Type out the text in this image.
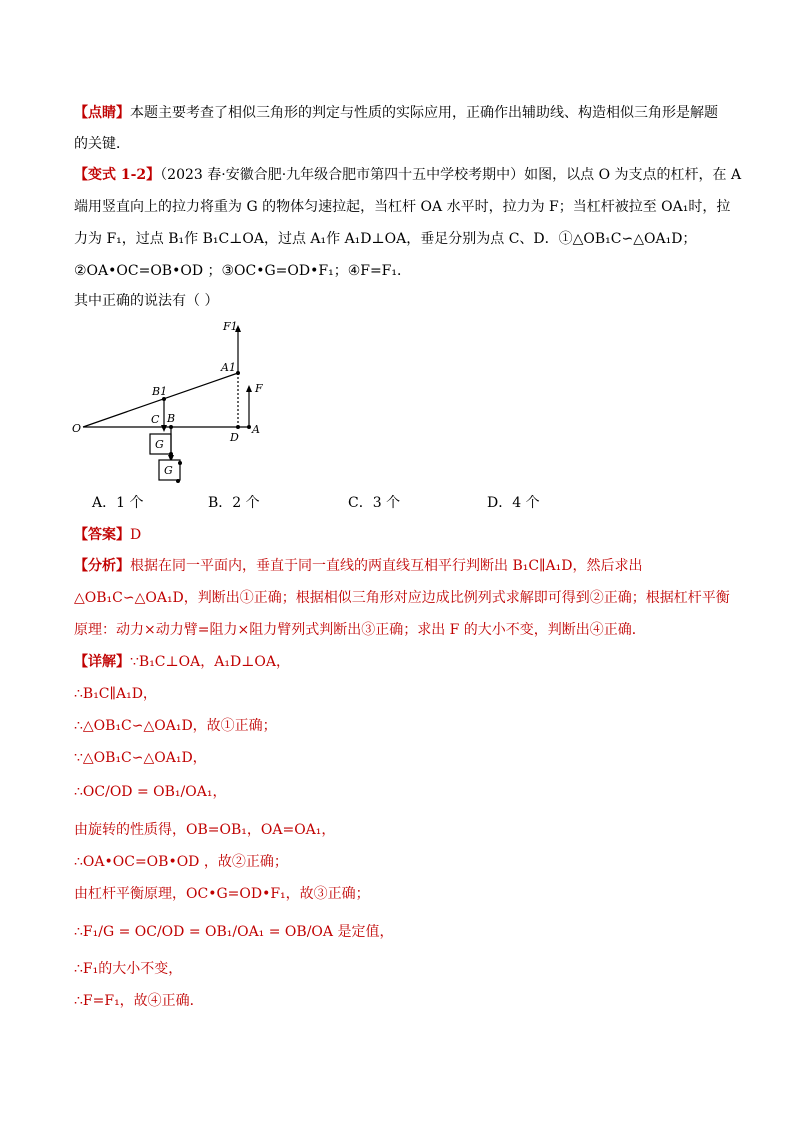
【点睛】本题主要考查了相似三角形的判定与性质的实际应用，正确作出辅助线、构造相似三角形是解题
的关键．
【变式 1-2】（2023 春·安徽合肥·九年级合肥市第四十五中学校考期中）如图，以点 O 为支点的杠杆，在 A
端用竖直向上的拉力将重为 G 的物体匀速拉起，当杠杆 OA 水平时，拉力为 F；当杠杆被拉至 OA₁时，拉
力为 F₁，过点 B₁作 B₁C⊥OA，过点 A₁作 A₁D⊥OA，垂足分别为点 C、D．①△OB₁C∽△OA₁D；
②OA•OC=OB•OD ；③OC•G=OD•F₁；④F=F₁．
其中正确的说法有（ ）
F1
A1
F
B1
C B
O
D
A
G
G
A．1 个	B．2 个	C．3 个	D．4 个
【答案】D
【分析】根据在同一平面内，垂直于同一直线的两直线互相平行判断出 B₁C∥A₁D，然后求出
△OB₁C∽△OA₁D，判断出①正确；根据相似三角形对应边成比例列式求解即可得到②正确；根据杠杆平衡
原理：动力×动力臂=阻力×阻力臂列式判断出③正确；求出 F 的大小不变，判断出④正确．
【详解】∵B₁C⊥OA，A₁D⊥OA，
∴B₁C∥A₁D，
∴△OB₁C∽△OA₁D，故①正确；
∵△OB₁C∽△OA₁D，
∴OC/OD = OB₁/OA₁，
由旋转的性质得，OB=OB₁，OA=OA₁，
∴OA•OC=OB•OD ，故②正确；
由杠杆平衡原理，OC•G=OD•F₁，故③正确；
∴F₁/G = OC/OD = OB₁/OA₁ = OB/OA 是定值，
∴F₁的大小不变，
∴F=F₁，故④正确．
